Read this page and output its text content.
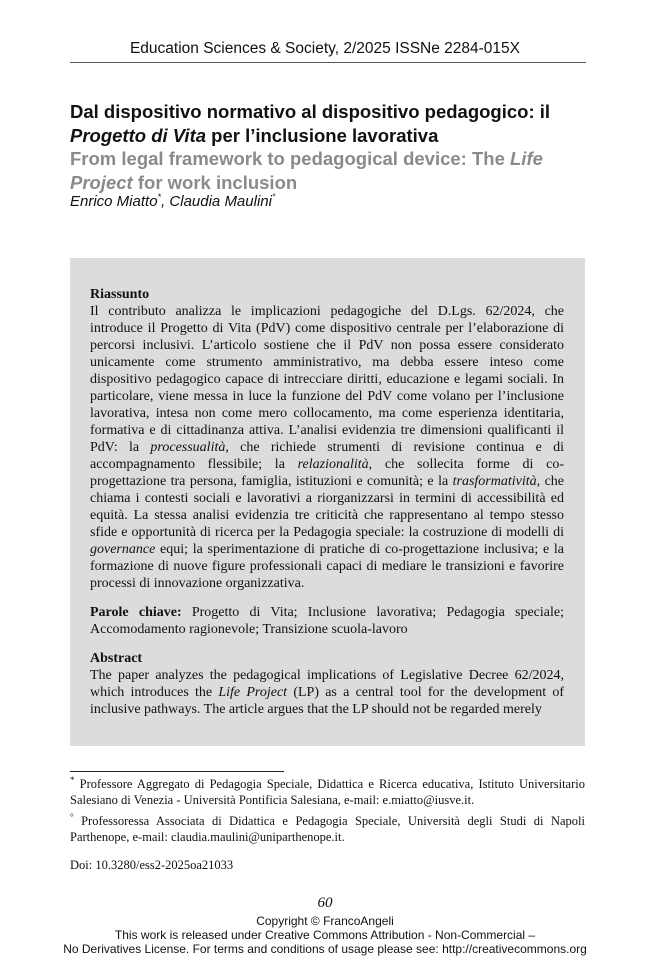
Education Sciences & Society, 2/2025 ISSNe 2284-015X
Dal dispositivo normativo al dispositivo pedagogico: il Progetto di Vita per l’inclusione lavorativa
From legal framework to pedagogical device: The Life Project for work inclusion
Enrico Miatto*, Claudia Maulini°

Riassunto

Il contributo analizza le implicazioni pedagogiche del D.Lgs. 62/2024, che introduce il Progetto di Vita (PdV) come dispositivo centrale per l’elaborazione di percorsi inclusivi. L’articolo sostiene che il PdV non possa essere considerato unicamente come strumento amministrativo, ma debba essere inteso come dispositivo pedagogico capace di intrecciare diritti, educazione e legami sociali. In particolare, viene messa in luce la funzione del PdV come volano per l’inclusione lavorativa, intesa non come mero collocamento, ma come esperienza identitaria, formativa e di cittadinanza attiva. L’analisi evidenzia tre dimensioni qualificanti il PdV: la processualità, che richiede strumenti di revisione continua e di accompagnamento flessibile; la relazionalità, che sollecita forme di co-progettazione tra persona, famiglia, istituzioni e comunità; e la trasformatività, che chiama i contesti sociali e lavorativi a riorganizzarsi in termini di accessibilità ed equità. La stessa analisi evidenzia tre criticità che rappresentano al tempo stesso sfide e opportunità di ricerca per la Pedagogia speciale: la costruzione di modelli di governance equi; la sperimentazione di pratiche di co-progettazione inclusiva; e la formazione di nuove figure professionali capaci di mediare le transizioni e favorire processi di innovazione organizzativa.

Parole chiave: Progetto di Vita; Inclusione lavorativa; Pedagogia speciale; Accomodamento ragionevole; Transizione scuola-lavoro

Abstract

The paper analyzes the pedagogical implications of Legislative Decree 62/2024, which introduces the Life Project (LP) as a central tool for the development of inclusive pathways. The article argues that the LP should not be regarded merely

* Professore Aggregato di Pedagogia Speciale, Didattica e Ricerca educativa, Istituto Universitario Salesiano di Venezia - Università Pontificia Salesiana, e-mail: e.miatto@iusve.it.

° Professoressa Associata di Didattica e Pedagogia Speciale, Università degli Studi di Napoli Parthenope, e-mail: claudia.maulini@uniparthenope.it.

Doi: 10.3280/ess2-2025oa21033
60
Copyright © FrancoAngeli
This work is released under Creative Commons Attribution - Non-Commercial –
No Derivatives License. For terms and conditions of usage please see: http://creativecommons.org
